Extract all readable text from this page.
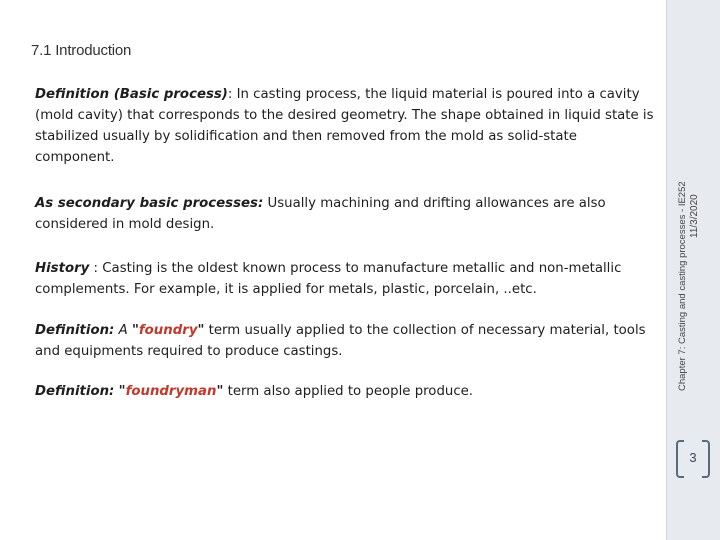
7.1 Introduction
Definition (Basic process): In casting process, the liquid material is poured into a cavity (mold cavity) that corresponds to the desired geometry. The shape obtained in liquid state is stabilized usually by solidification and then removed from the mold as solid-state component.
As secondary basic processes: Usually machining and drifting allowances are also considered in mold design.
History : Casting is the oldest known process to manufacture metallic and non-metallic complements. For example, it is applied for metals, plastic, porcelain, ..etc.
Definition: A "foundry" term usually applied to the collection of necessary material, tools and equipments required to produce castings.
Definition: "foundryman" term also applied to people produce.
11/3/2020
Chapter 7: Casting and casting processes - IE252
3
